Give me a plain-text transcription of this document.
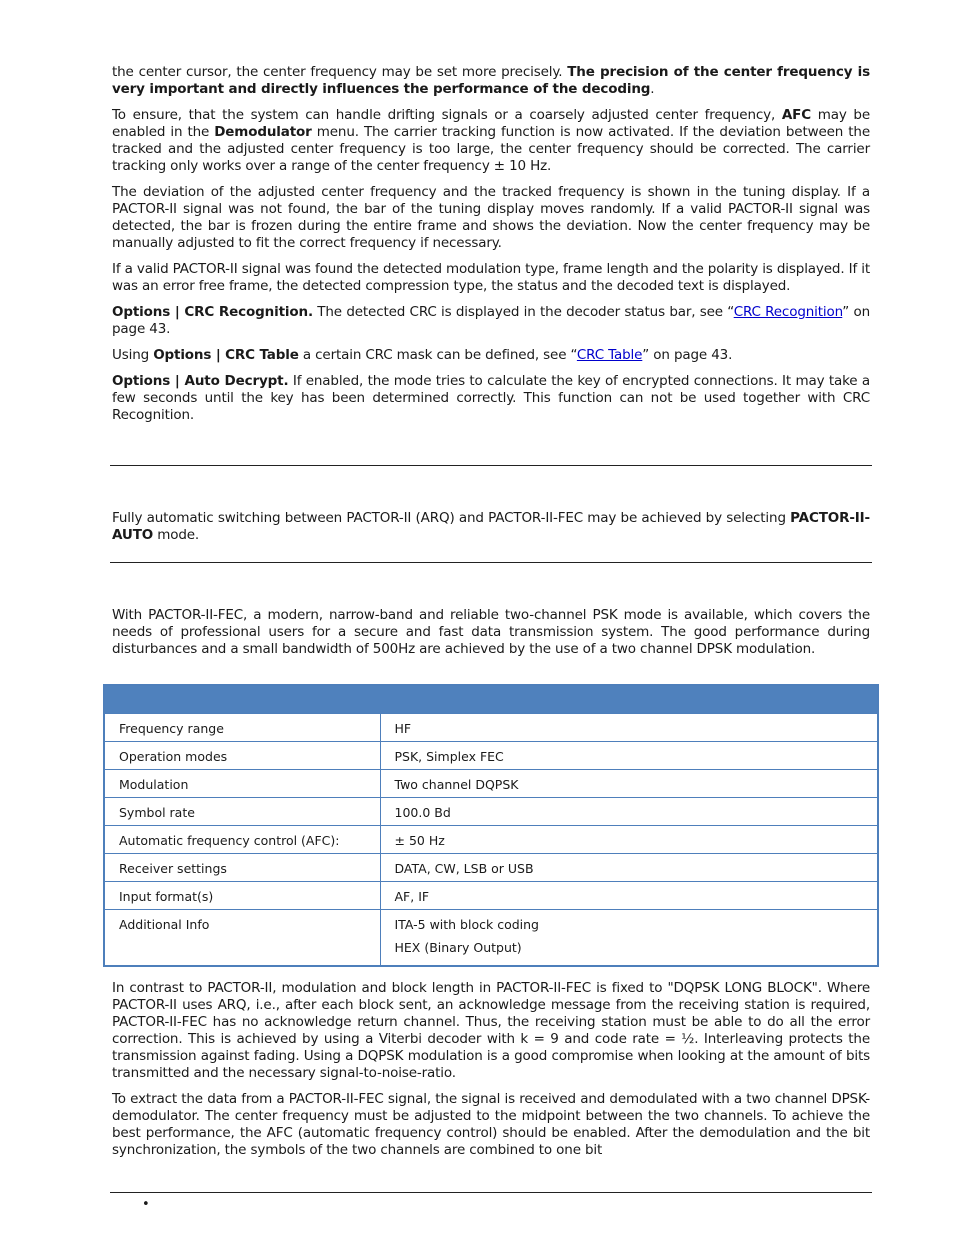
the center cursor, the center frequency may be set more precisely. The precision of the center frequency is very important and directly influences the performance of the decoding.

To ensure, that the system can handle drifting signals or a coarsely adjusted center frequency, AFC may be enabled in the Demodulator menu. The carrier tracking function is now activated. If the deviation between the tracked and the adjusted center frequency is too large, the center frequency should be corrected. The carrier tracking only works over a range of the center frequency ± 10 Hz.

The deviation of the adjusted center frequency and the tracked frequency is shown in the tuning display. If a PACTOR-II signal was not found, the bar of the tuning display moves randomly. If a valid PACTOR-II signal was detected, the bar is frozen during the entire frame and shows the deviation. Now the center frequency may be manually adjusted to fit the correct frequency if necessary.

If a valid PACTOR-II signal was found the detected modulation type, frame length and the polarity is displayed. If it was an error free frame, the detected compression type, the status and the decoded text is displayed.

Options | CRC Recognition. The detected CRC is displayed in the decoder status bar, see “CRC Recognition” on page 43.

Using Options | CRC Table a certain CRC mask can be defined, see “CRC Table” on page 43.

Options | Auto Decrypt. If enabled, the mode tries to calculate the key of encrypted connections. It may take a few seconds until the key has been determined correctly. This function can not be used together with CRC Recognition.

Fully automatic switching between PACTOR-II (ARQ) and PACTOR-II-FEC may be achieved by selecting PACTOR-II-AUTO mode.

With PACTOR-II-FEC, a modern, narrow-band and reliable two-channel PSK mode is available, which covers the needs of professional users for a secure and fast data transmission system. The good performance during disturbances and a small bandwidth of 500Hz are achieved by the use of a two channel DPSK modulation.

Frequency range	HF
Operation modes	PSK, Simplex FEC
Modulation	Two channel DQPSK
Symbol rate	100.0 Bd
Automatic frequency control (AFC):	± 50 Hz
Receiver settings	DATA, CW, LSB or USB
Input format(s)	AF, IF
Additional Info	ITA-5 with block coding
HEX (Binary Output)

In contrast to PACTOR-II, modulation and block length in PACTOR-II-FEC is fixed to "DQPSK LONG BLOCK". Where PACTOR-II uses ARQ, i.e., after each block sent, an acknowledge message from the receiving station is required, PACTOR-II-FEC has no acknowledge return channel. Thus, the receiving station must be able to do all the error correction. This is achieved by using a Viterbi decoder with k = 9 and code rate = ½. Interleaving protects the transmission against fading. Using a DQPSK modulation is a good compromise when looking at the amount of bits transmitted and the necessary signal-to-noise-ratio.

To extract the data from a PACTOR-II-FEC signal, the signal is received and demodulated with a two channel DPSK-demodulator. The center frequency must be adjusted to the midpoint between the two channels. To achieve the best performance, the AFC (automatic frequency control) should be enabled. After the demodulation and the bit synchronization, the symbols of the two channels are combined to one bit

•
